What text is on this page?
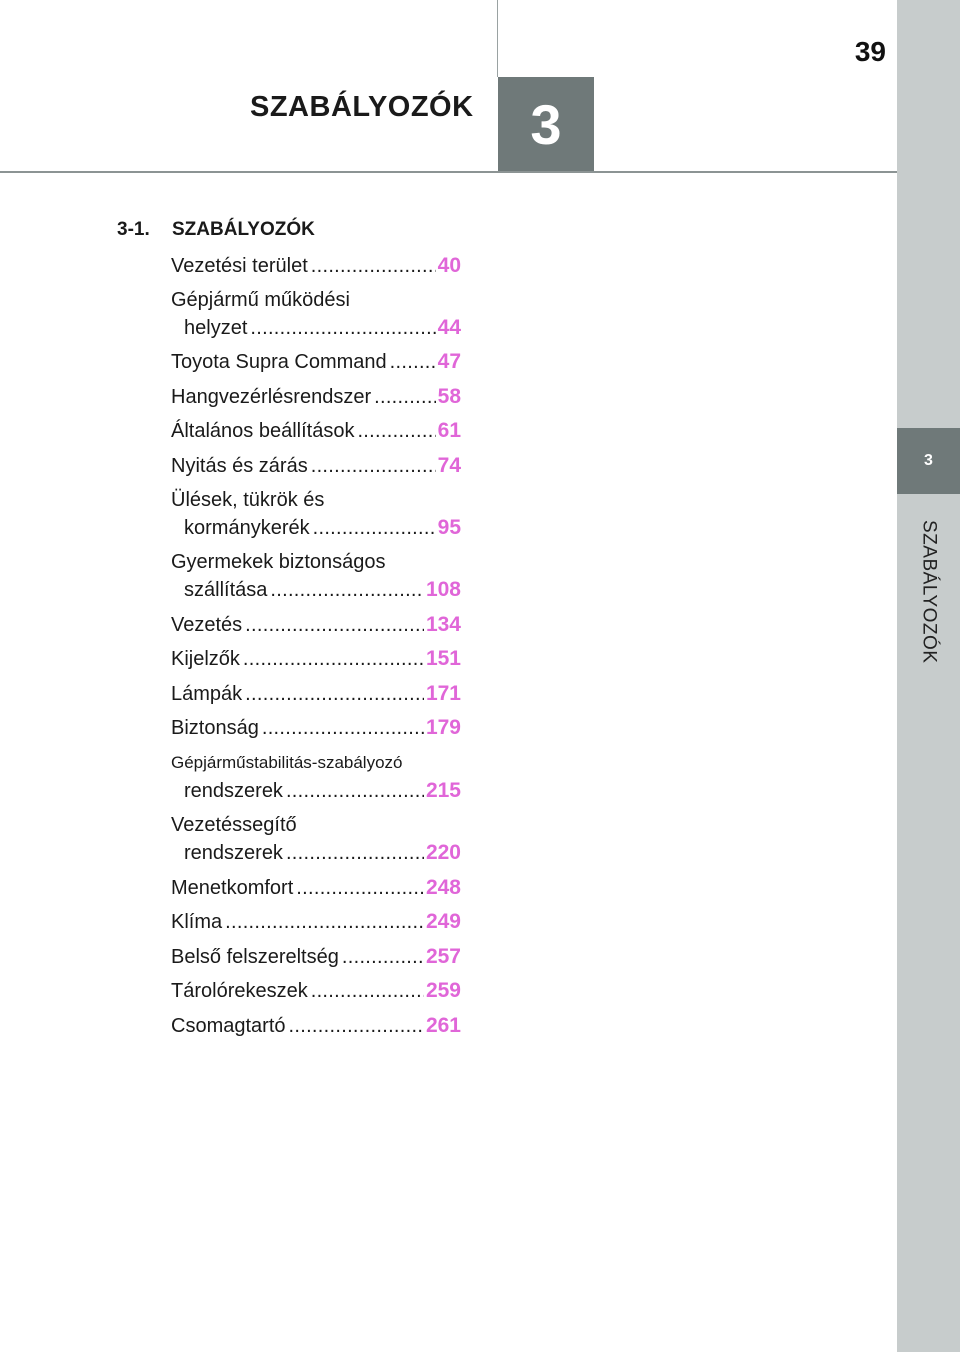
3
SZABÁLYOZÓK
39
3
SZABÁLYOZÓK
3-1. SZABÁLYOZÓK
Vezetési terület .....	40
Gépjármű működési
helyzet .....	44
Toyota Supra Command ..... 47
Hangvezérlésrendszer .....	58
Általános beállítások .....	61
Nyitás és zárás .....	74
Ülések, tükrök és
kormánykerék .....	95
Gyermekek biztonságos
szállítása .....	108
Vezetés .....	134
Kijelzők .....	151
Lámpák .....	171
Biztonság .....	179
Gépjárműstabilitás-szabályozó
rendszerek .....	215
Vezetéssegítő
rendszerek .....	220
Menetkomfort .....	248
Klíma .....	249
Belső felszereltség .....	257
Tárolórekeszek .....	259
Csomagtartó .....	261
